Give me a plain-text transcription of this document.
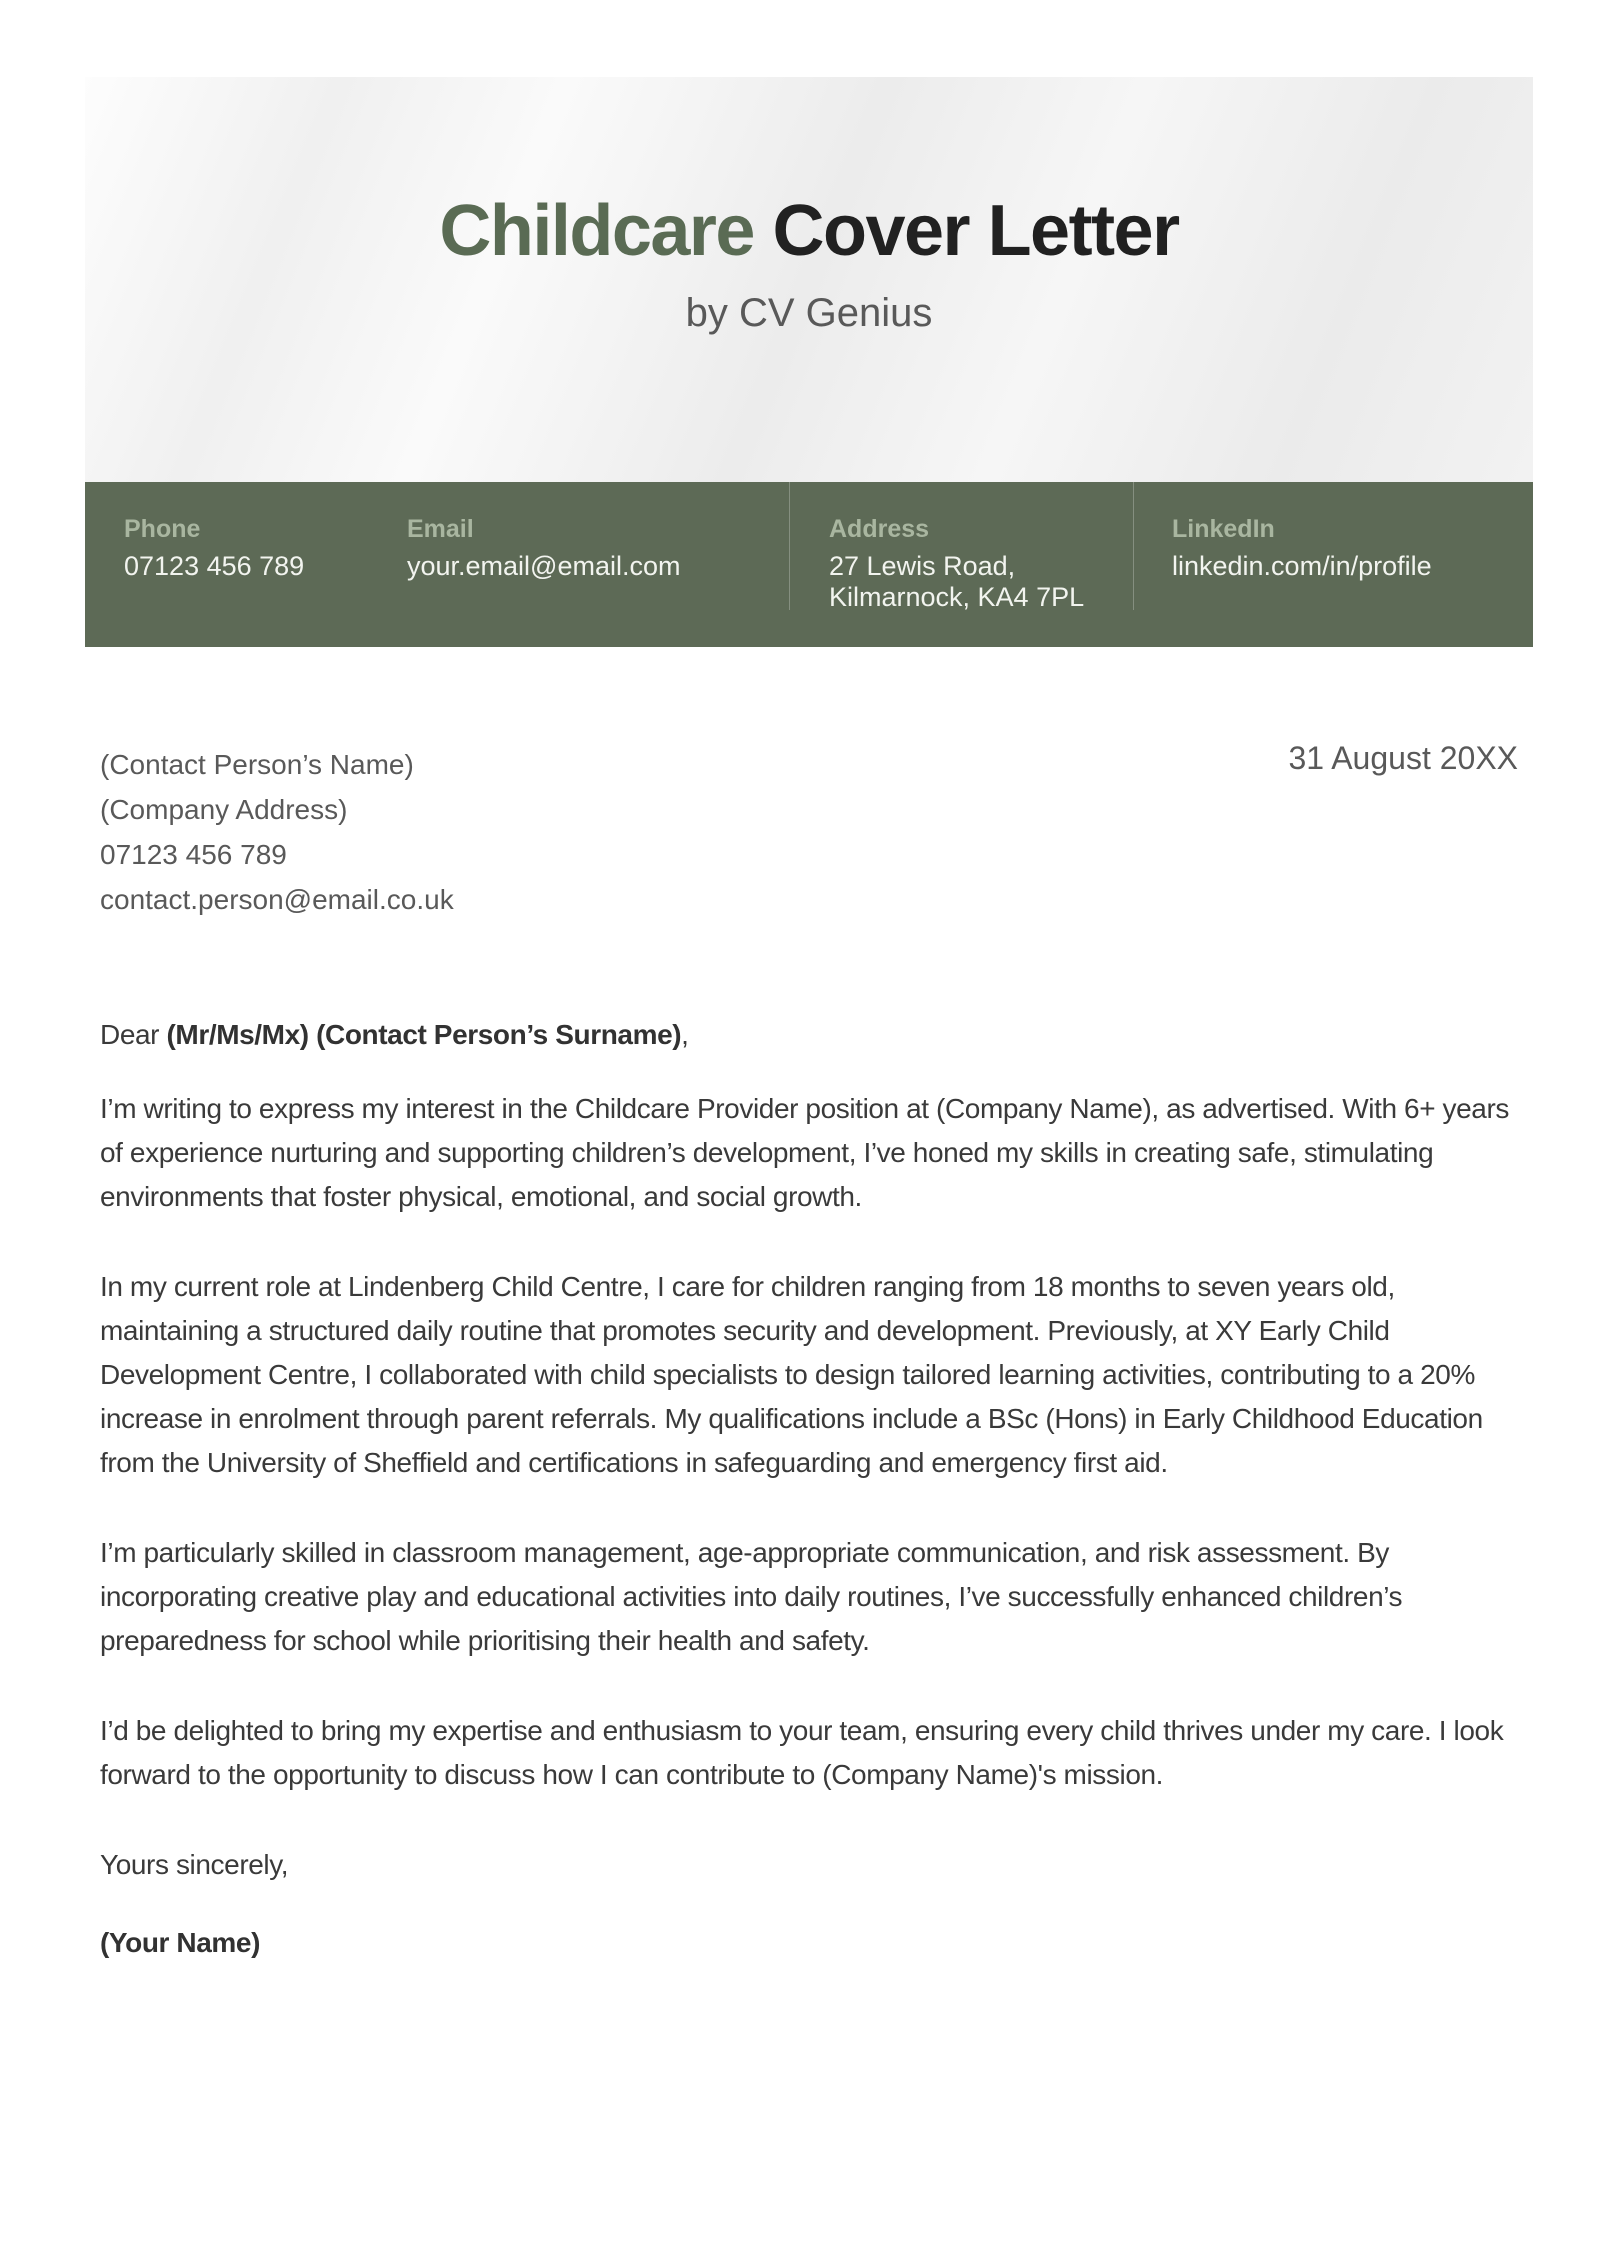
Childcare Cover Letter
by CV Genius
Phone
07123 456 789
Email
your.email@email.com
Address
27 Lewis Road,
Kilmarnock, KA4 7PL
LinkedIn
linkedin.com/in/profile
31 August 20XX
(Contact Person’s Name)
(Company Address)
07123 456 789
contact.person@email.co.uk
Dear (Mr/Ms/Mx) (Contact Person’s Surname),
I’m writing to express my interest in the Childcare Provider position at (Company Name), as advertised. With 6+ years of experience nurturing and supporting children’s development, I’ve honed my skills in creating safe, stimulating environments that foster physical, emotional, and social growth.
In my current role at Lindenberg Child Centre, I care for children ranging from 18 months to seven years old, maintaining a structured daily routine that promotes security and development. Previously, at XY Early Child Development Centre, I collaborated with child specialists to design tailored learning activities, contributing to a 20% increase in enrolment through parent referrals. My qualifications include a BSc (Hons) in Early Childhood Education from the University of Sheffield and certifications in safeguarding and emergency first aid.
I’m particularly skilled in classroom management, age-appropriate communication, and risk assessment. By incorporating creative play and educational activities into daily routines, I’ve successfully enhanced children’s preparedness for school while prioritising their health and safety.
I’d be delighted to bring my expertise and enthusiasm to your team, ensuring every child thrives under my care. I look forward to the opportunity to discuss how I can contribute to (Company Name)'s mission.
Yours sincerely,
(Your Name)
